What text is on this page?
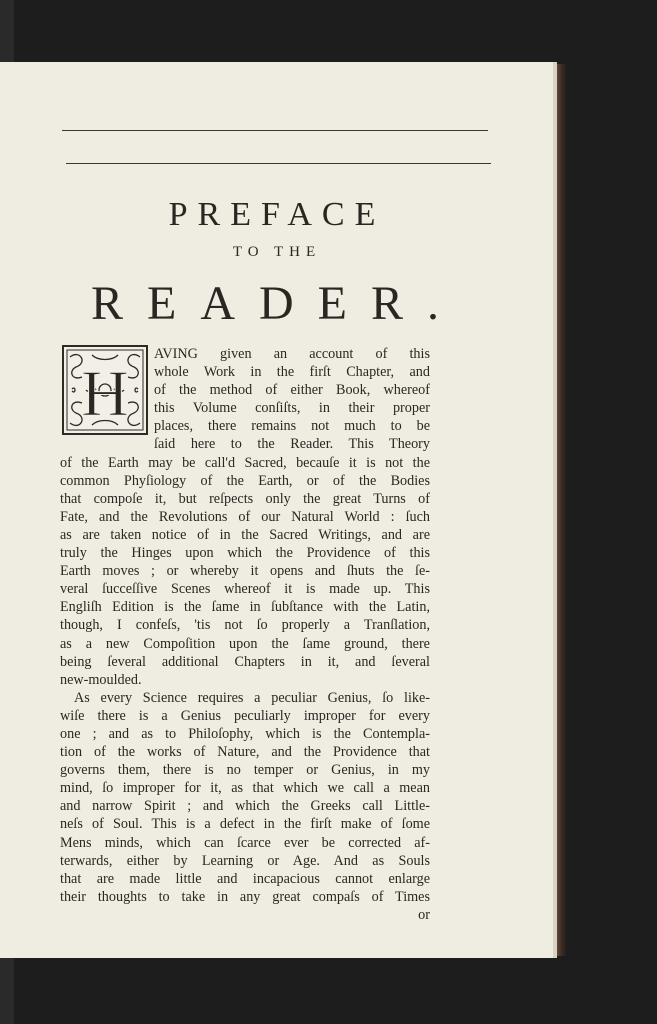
PREFACE
TO THE
READER.
AVING given an account of this
whole Work in the firſt Chapter, and
of the method of either Book, whereof
this Volume conſiſts, in their proper
places, there remains not much to be
ſaid here to the Reader. This Theory
of the Earth may be call'd Sacred, becauſe it is not the
common Phyſiology of the Earth, or of the Bodies
that compoſe it, but reſpects only the great Turns of
Fate, and the Revolutions of our Natural World : ſuch
as are taken notice of in the Sacred Writings, and are
truly the Hinges upon which the Providence of this
Earth moves ; or whereby it opens and ſhuts the ſe-
veral ſucceſſive Scenes whereof it is made up. This
Engliſh Edition is the ſame in ſubſtance with the Latin,
though, I confeſs, 'tis not ſo properly a Tranſlation,
as a new Compoſition upon the ſame ground, there
being ſeveral additional Chapters in it, and ſeveral
new-moulded.
As every Science requires a peculiar Genius, ſo like-
wiſe there is a Genius peculiarly improper for every
one ; and as to Philoſophy, which is the Contempla-
tion of the works of Nature, and the Providence that
governs them, there is no temper or Genius, in my
mind, ſo improper for it, as that which we call a mean
and narrow Spirit ; and which the Greeks call Little-
neſs of Soul. This is a defect in the firſt make of ſome
Mens minds, which can ſcarce ever be corrected af-
terwards, either by Learning or Age. And as Souls
that are made little and incapacious cannot enlarge
their thoughts to take in any great compaſs of Times
or
H
